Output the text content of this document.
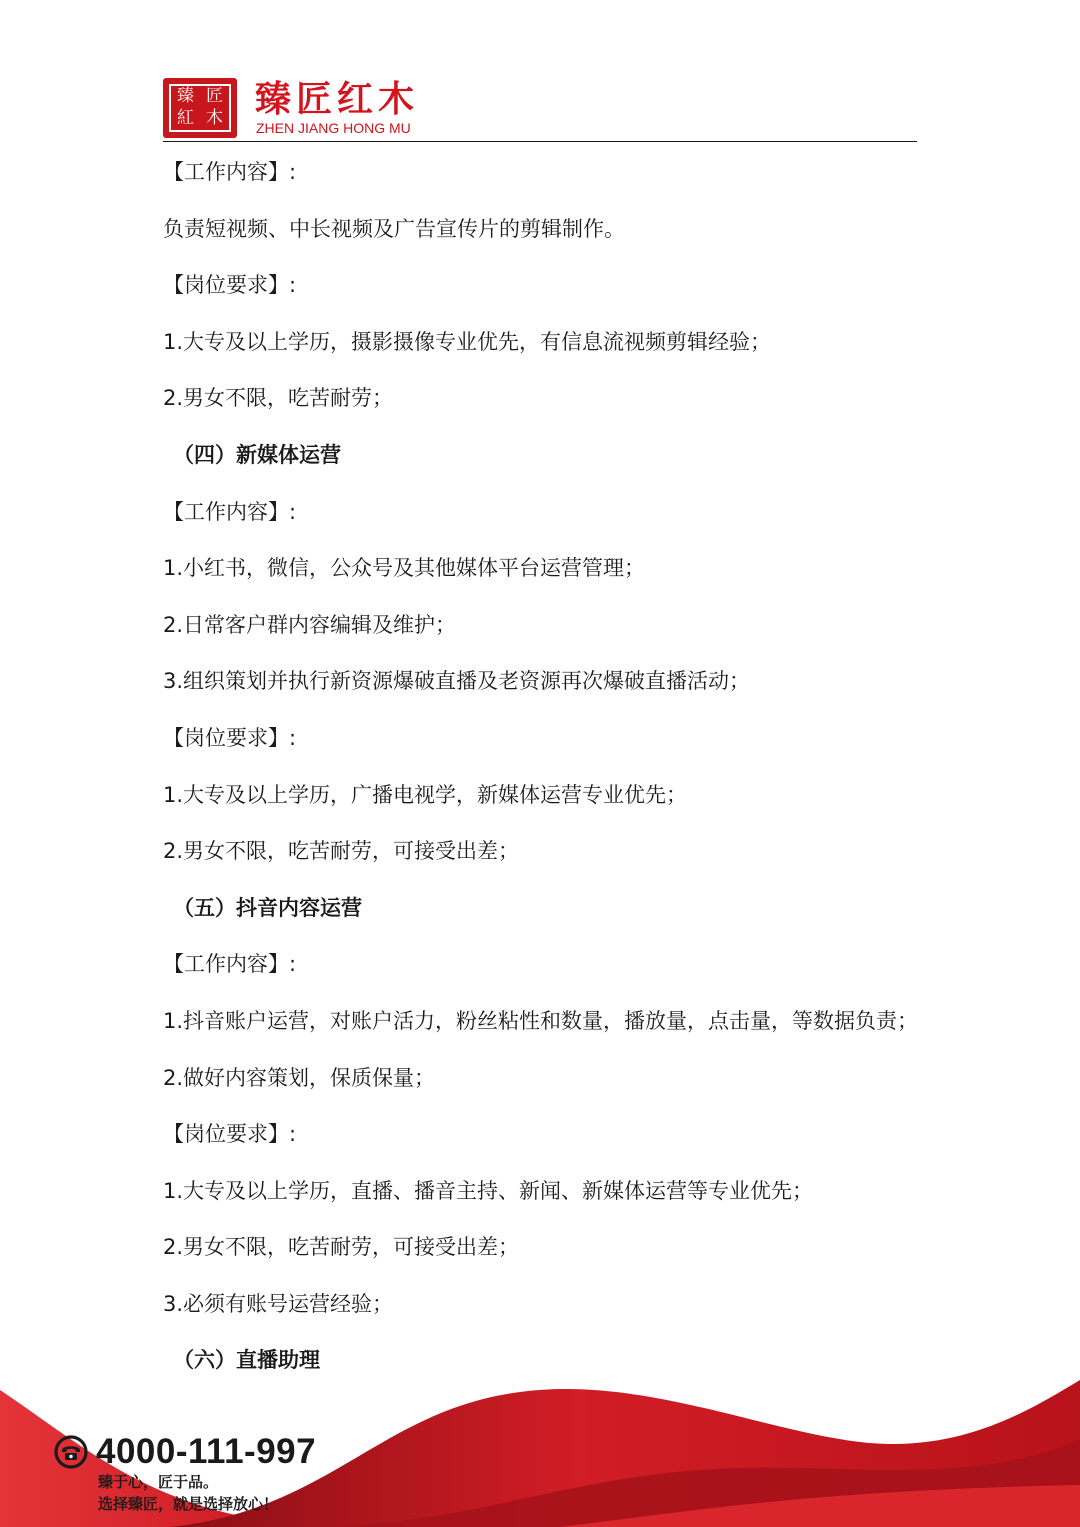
臻 匠
紅 木 臻匠红木
ZHEN JIANG HONG MU
【工作内容】:
负责短视频、中长视频及广告宣传片的剪辑制作。
【岗位要求】:
1.大专及以上学历，摄影摄像专业优先，有信息流视频剪辑经验；
2.男女不限，吃苦耐劳；
（四）新媒体运营
【工作内容】:
1.小红书，微信，公众号及其他媒体平台运营管理；
2.日常客户群内容编辑及维护；
3.组织策划并执行新资源爆破直播及老资源再次爆破直播活动；
【岗位要求】:
1.大专及以上学历，广播电视学，新媒体运营专业优先；
2.男女不限，吃苦耐劳，可接受出差；
（五）抖音内容运营
【工作内容】:
1.抖音账户运营，对账户活力，粉丝粘性和数量，播放量，点击量，等数据负责；
2.做好内容策划，保质保量；
【岗位要求】:
1.大专及以上学历，直播、播音主持、新闻、新媒体运营等专业优先；
2.男女不限，吃苦耐劳，可接受出差；
3.必须有账号运营经验；
（六）直播助理
4000-111-997
臻于心，匠于品。
选择臻匠，就是选择放心！
